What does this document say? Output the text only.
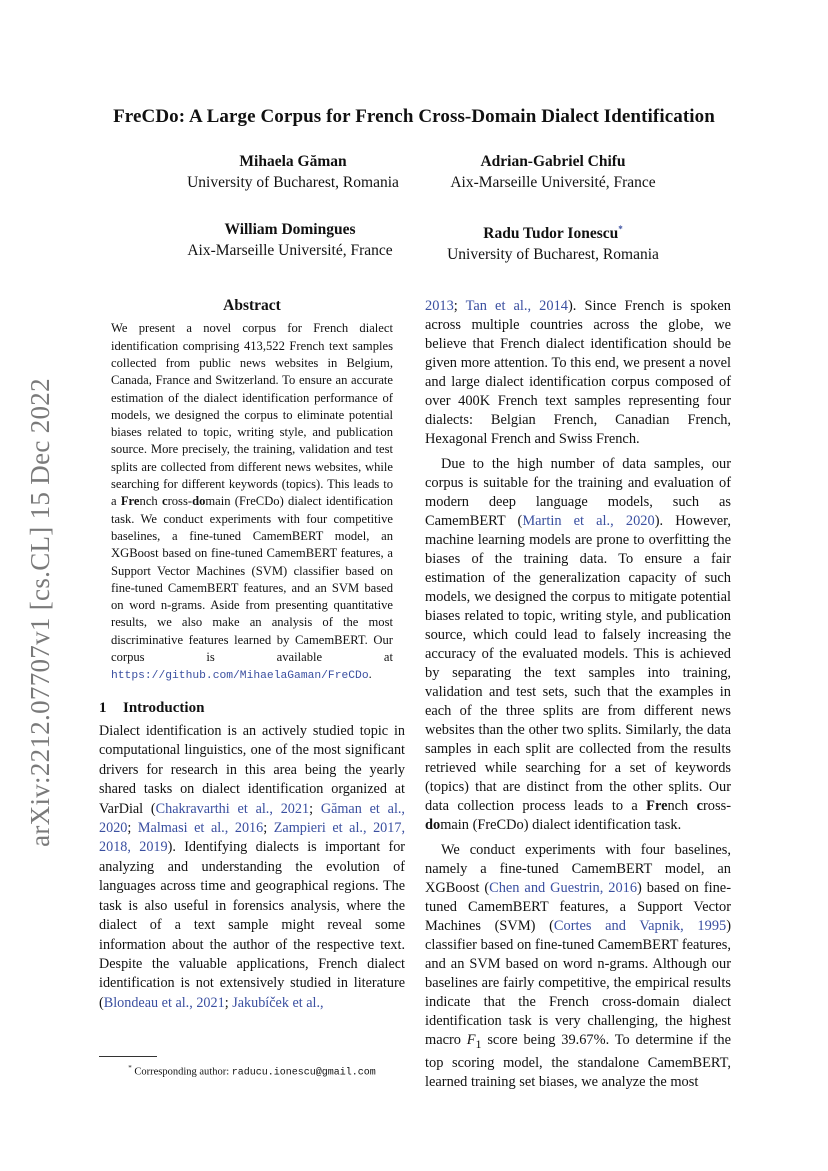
arXiv:2212.07707v1 [cs.CL] 15 Dec 2022
FreCDo: A Large Corpus for French Cross-Domain Dialect Identification
Mihaela Găman
University of Bucharest, Romania
Adrian-Gabriel Chifu
Aix-Marseille Université, France
William Domingues
Aix-Marseille Université, France
Radu Tudor Ionescu*
University of Bucharest, Romania
Abstract
We present a novel corpus for French dialect identification comprising 413,522 French text samples collected from public news websites in Belgium, Canada, France and Switzerland. To ensure an accurate estimation of the dialect identification performance of models, we designed the corpus to eliminate potential biases related to topic, writing style, and publication source. More precisely, the training, validation and test splits are collected from different news websites, while searching for different keywords (topics). This leads to a French cross-domain (FreCDo) dialect identification task. We conduct experiments with four competitive baselines, a fine-tuned CamemBERT model, an XGBoost based on fine-tuned CamemBERT features, a Support Vector Machines (SVM) classifier based on fine-tuned CamemBERT features, and an SVM based on word n-grams. Aside from presenting quantitative results, we also make an analysis of the most discriminative features learned by CamemBERT. Our corpus is available at https://github.com/MihaelaGaman/FreCDo.
1 Introduction

Dialect identification is an actively studied topic in computational linguistics, one of the most significant drivers for research in this area being the yearly shared tasks on dialect identification organized at VarDial (Chakravarthi et al., 2021; Găman et al., 2020; Malmasi et al., 2016; Zampieri et al., 2017, 2018, 2019). Identifying dialects is important for analyzing and understanding the evolution of languages across time and geographical regions. The task is also useful in forensics analysis, where the dialect of a text sample might reveal some information about the author of the respective text. Despite the valuable applications, French dialect identification is not extensively studied in literature (Blondeau et al., 2021; Jakubíček et al.,

* Corresponding author: raducu.ionescu@gmail.com

2013; Tan et al., 2014). Since French is spoken across multiple countries across the globe, we believe that French dialect identification should be given more attention. To this end, we present a novel and large dialect identification corpus composed of over 400K French text samples representing four dialects: Belgian French, Canadian French, Hexagonal French and Swiss French.

Due to the high number of data samples, our corpus is suitable for the training and evaluation of modern deep language models, such as CamemBERT (Martin et al., 2020). However, machine learning models are prone to overfitting the biases of the training data. To ensure a fair estimation of the generalization capacity of such models, we designed the corpus to mitigate potential biases related to topic, writing style, and publication source, which could lead to falsely increasing the accuracy of the evaluated models. This is achieved by separating the text samples into training, validation and test sets, such that the examples in each of the three splits are from different news websites than the other two splits. Similarly, the data samples in each split are collected from the results retrieved while searching for a set of keywords (topics) that are distinct from the other splits. Our data collection process leads to a French cross-domain (FreCDo) dialect identification task.

We conduct experiments with four baselines, namely a fine-tuned CamemBERT model, an XGBoost (Chen and Guestrin, 2016) based on fine-tuned CamemBERT features, a Support Vector Machines (SVM) (Cortes and Vapnik, 1995) classifier based on fine-tuned CamemBERT features, and an SVM based on word n-grams. Although our baselines are fairly competitive, the empirical results indicate that the French cross-domain dialect identification task is very challenging, the highest macro $F_1$ score being 39.67%. To determine if the top scoring model, the standalone CamemBERT, learned training set biases, we analyze the most
